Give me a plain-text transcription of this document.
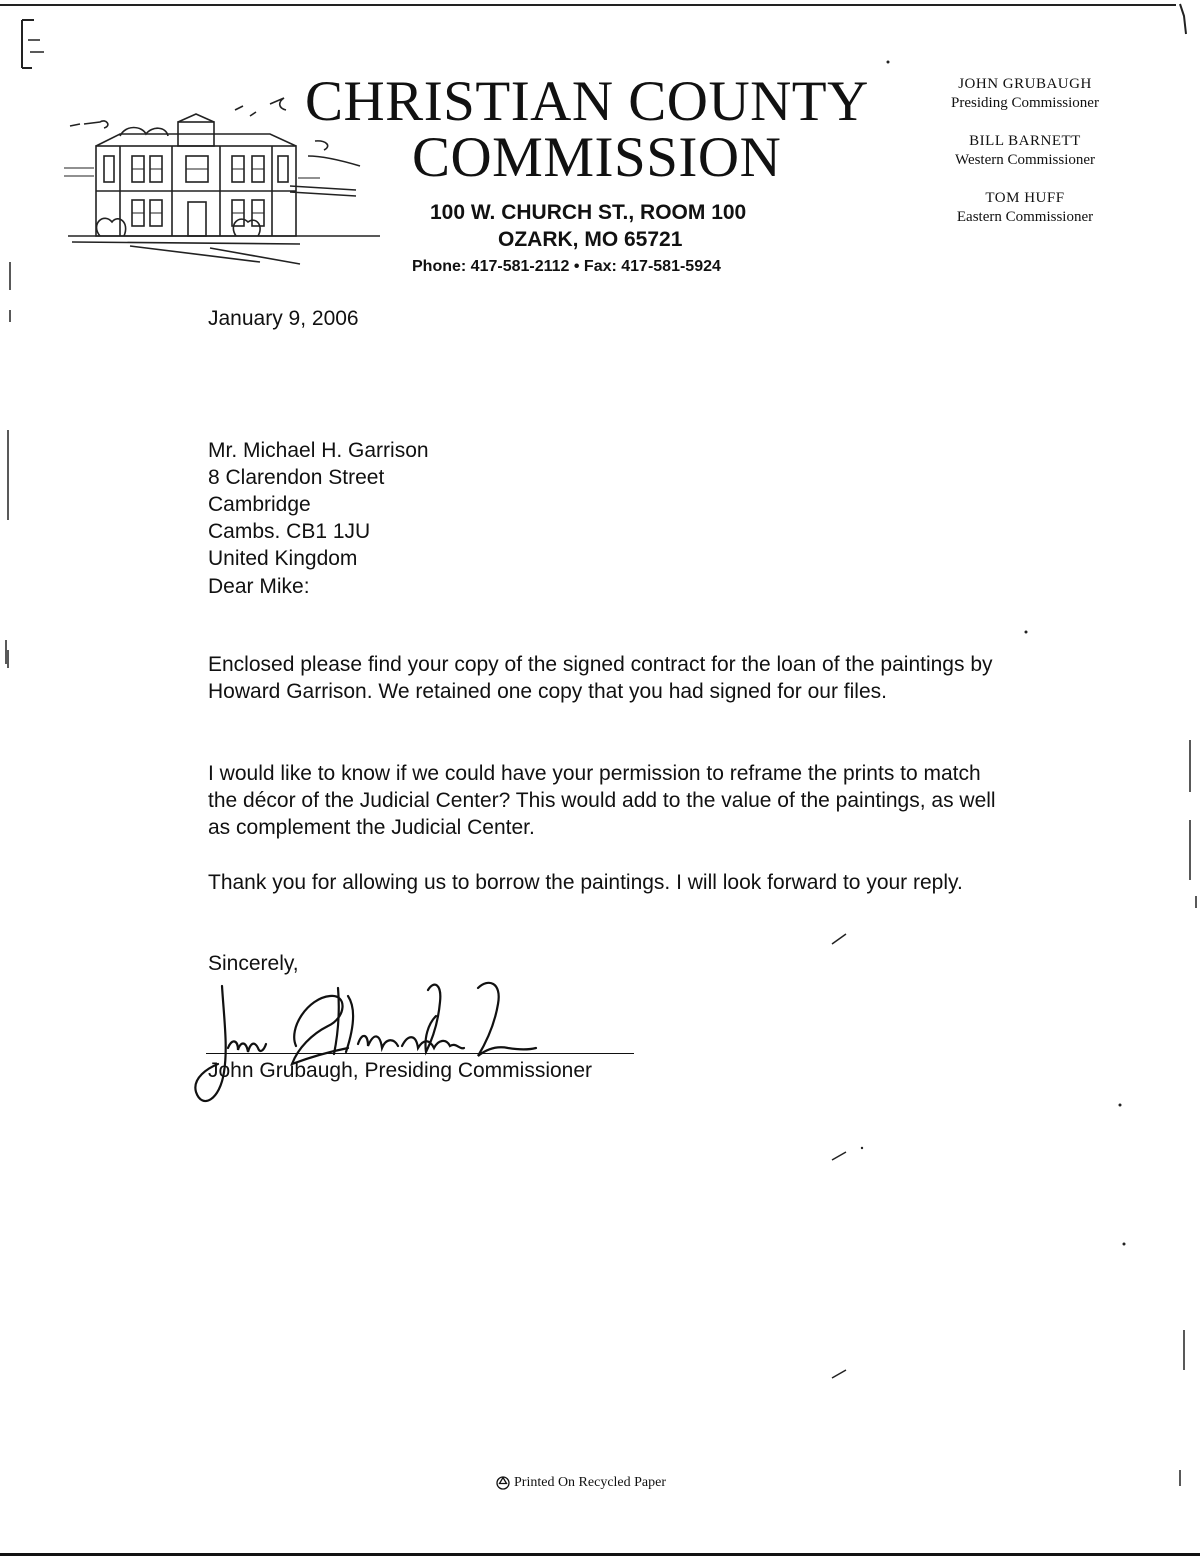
CHRISTIAN COUNTY
COMMISSION
100 W. CHURCH ST., ROOM 100
OZARK, MO 65721
Phone: 417-581-2112 • Fax: 417-581-5924
JOHN GRUBAUGH
Presiding Commissioner
BILL BARNETT
Western Commissioner
TOM HUFF
Eastern Commissioner
January 9, 2006
Mr. Michael H. Garrison
8 Clarendon Street
Cambridge
Cambs. CB1 1JU
United Kingdom
Dear Mike:
Enclosed please find your copy of the signed contract for the loan of the paintings by Howard Garrison. We retained one copy that you had signed for our files.
I would like to know if we could have your permission to reframe the prints to match the décor of the Judicial Center? This would add to the value of the paintings, as well as complement the Judicial Center.
Thank you for allowing us to borrow the paintings. I will look forward to your reply.
Sincerely,
John Grubaugh, Presiding Commissioner
Printed On Recycled Paper
